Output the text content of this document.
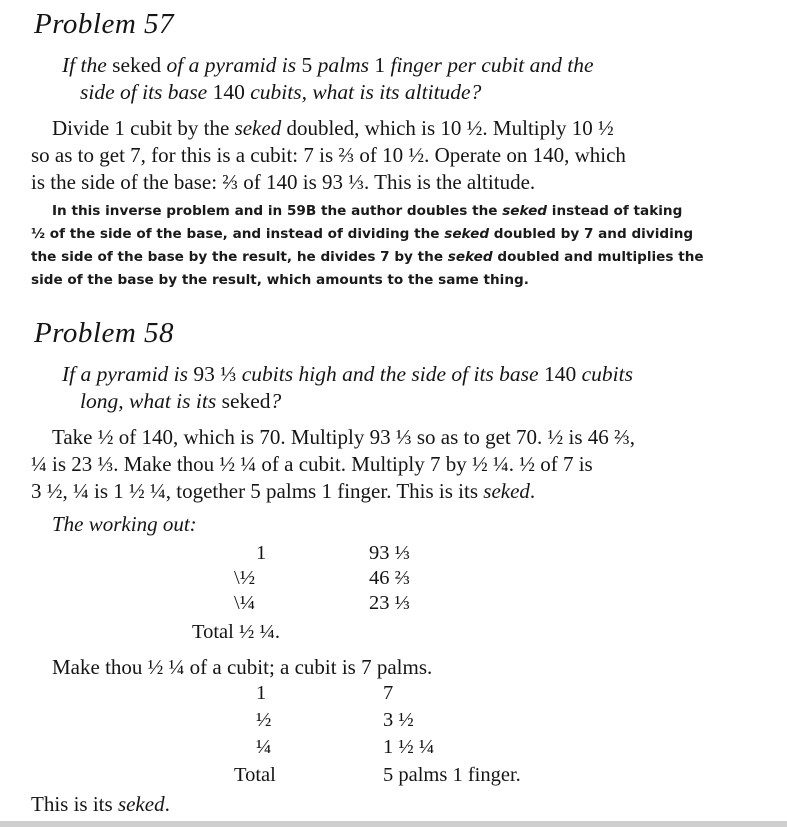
Problem 57
If the seked of a pyramid is 5 palms 1 finger per cubit and the
side of its base 140 cubits, what is its altitude?
Divide 1 cubit by the seked doubled, which is 10 ½. Multiply 10 ½
so as to get 7, for this is a cubit: 7 is ⅔ of 10 ½. Operate on 140, which
is the side of the base: ⅔ of 140 is 93 ⅓. This is the altitude.
In this inverse problem and in 59B the author doubles the seked instead of taking
½ of the side of the base, and instead of dividing the seked doubled by 7 and dividing
the side of the base by the result, he divides 7 by the seked doubled and multiplies the
side of the base by the result, which amounts to the same thing.
Problem 58
If a pyramid is 93 ⅓ cubits high and the side of its base 140 cubits
long, what is its seked?
Take ½ of 140, which is 70. Multiply 93 ⅓ so as to get 70. ½ is 46 ⅔,
¼ is 23 ⅓. Make thou ½ ¼ of a cubit. Multiply 7 by ½ ¼. ½ of 7 is
3 ½, ¼ is 1 ½ ¼, together 5 palms 1 finger. This is its seked.
The working out:
1	93 ⅓
\½	46 ⅔
\¼	23 ⅓
Total ½ ¼.
Make thou ½ ¼ of a cubit; a cubit is 7 palms.
1	7
½	3 ½
¼	1 ½ ¼
Total	5 palms 1 finger.
This is its seked.
